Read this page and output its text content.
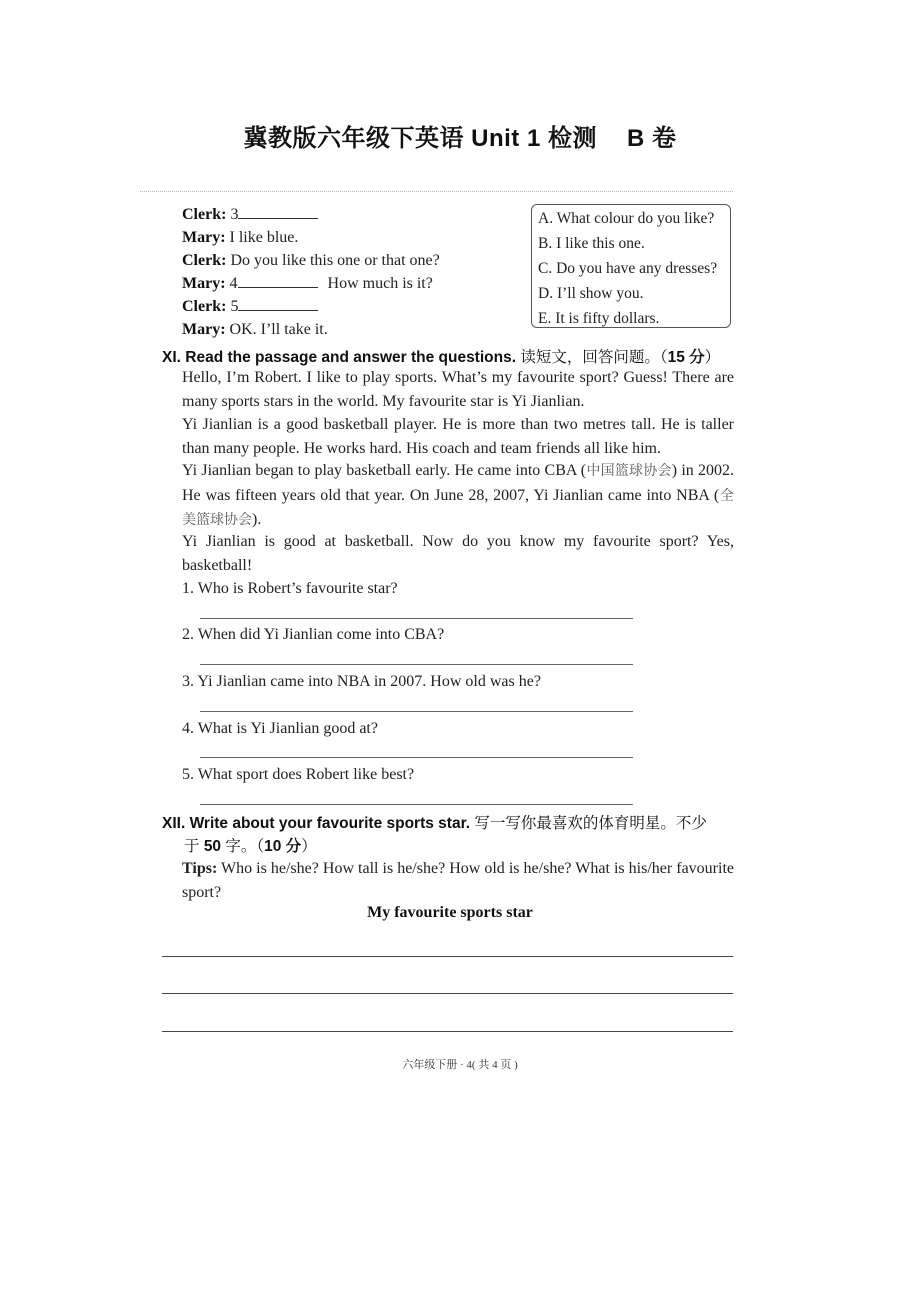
冀教版六年级下英语 Unit 1 检测 B 卷
Clerk: 3
Mary: I like blue.
Clerk: Do you like this one or that one?
Mary: 4	How much is it?
Clerk: 5
Mary: OK. I’ll take it.
A. What colour do you like?
B. I like this one.
C. Do you have any dresses?
D. I’ll show you.
E. It is fifty dollars.
XI. Read the passage and answer the questions. 读短文，回答问题。（15 分）
Hello, I’m Robert. I like to play sports. What’s my favourite sport? Guess! There are many sports stars in the world. My favourite star is Yi Jianlian.
Yi Jianlian is a good basketball player. He is more than two metres tall. He is taller than many people. He works hard. His coach and team friends all like him.
Yi Jianlian began to play basketball early. He came into CBA (中国篮球协会) in 2002. He was fifteen years old that year. On June 28, 2007, Yi Jianlian came into NBA (全美篮球协会).
Yi Jianlian is good at basketball. Now do you know my favourite sport? Yes, basketball!
1. Who is Robert’s favourite star?
2. When did Yi Jianlian come into CBA?
3. Yi Jianlian came into NBA in 2007. How old was he?
4. What is Yi Jianlian good at?
5. What sport does Robert like best?
XII. Write about your favourite sports star. 写一写你最喜欢的体育明星。不少
于 50 字。（10 分）
Tips: Who is he/she? How tall is he/she? How old is he/she? What is his/her favourite sport?
My favourite sports star
六年级下册 · 4( 共 4 页 )
